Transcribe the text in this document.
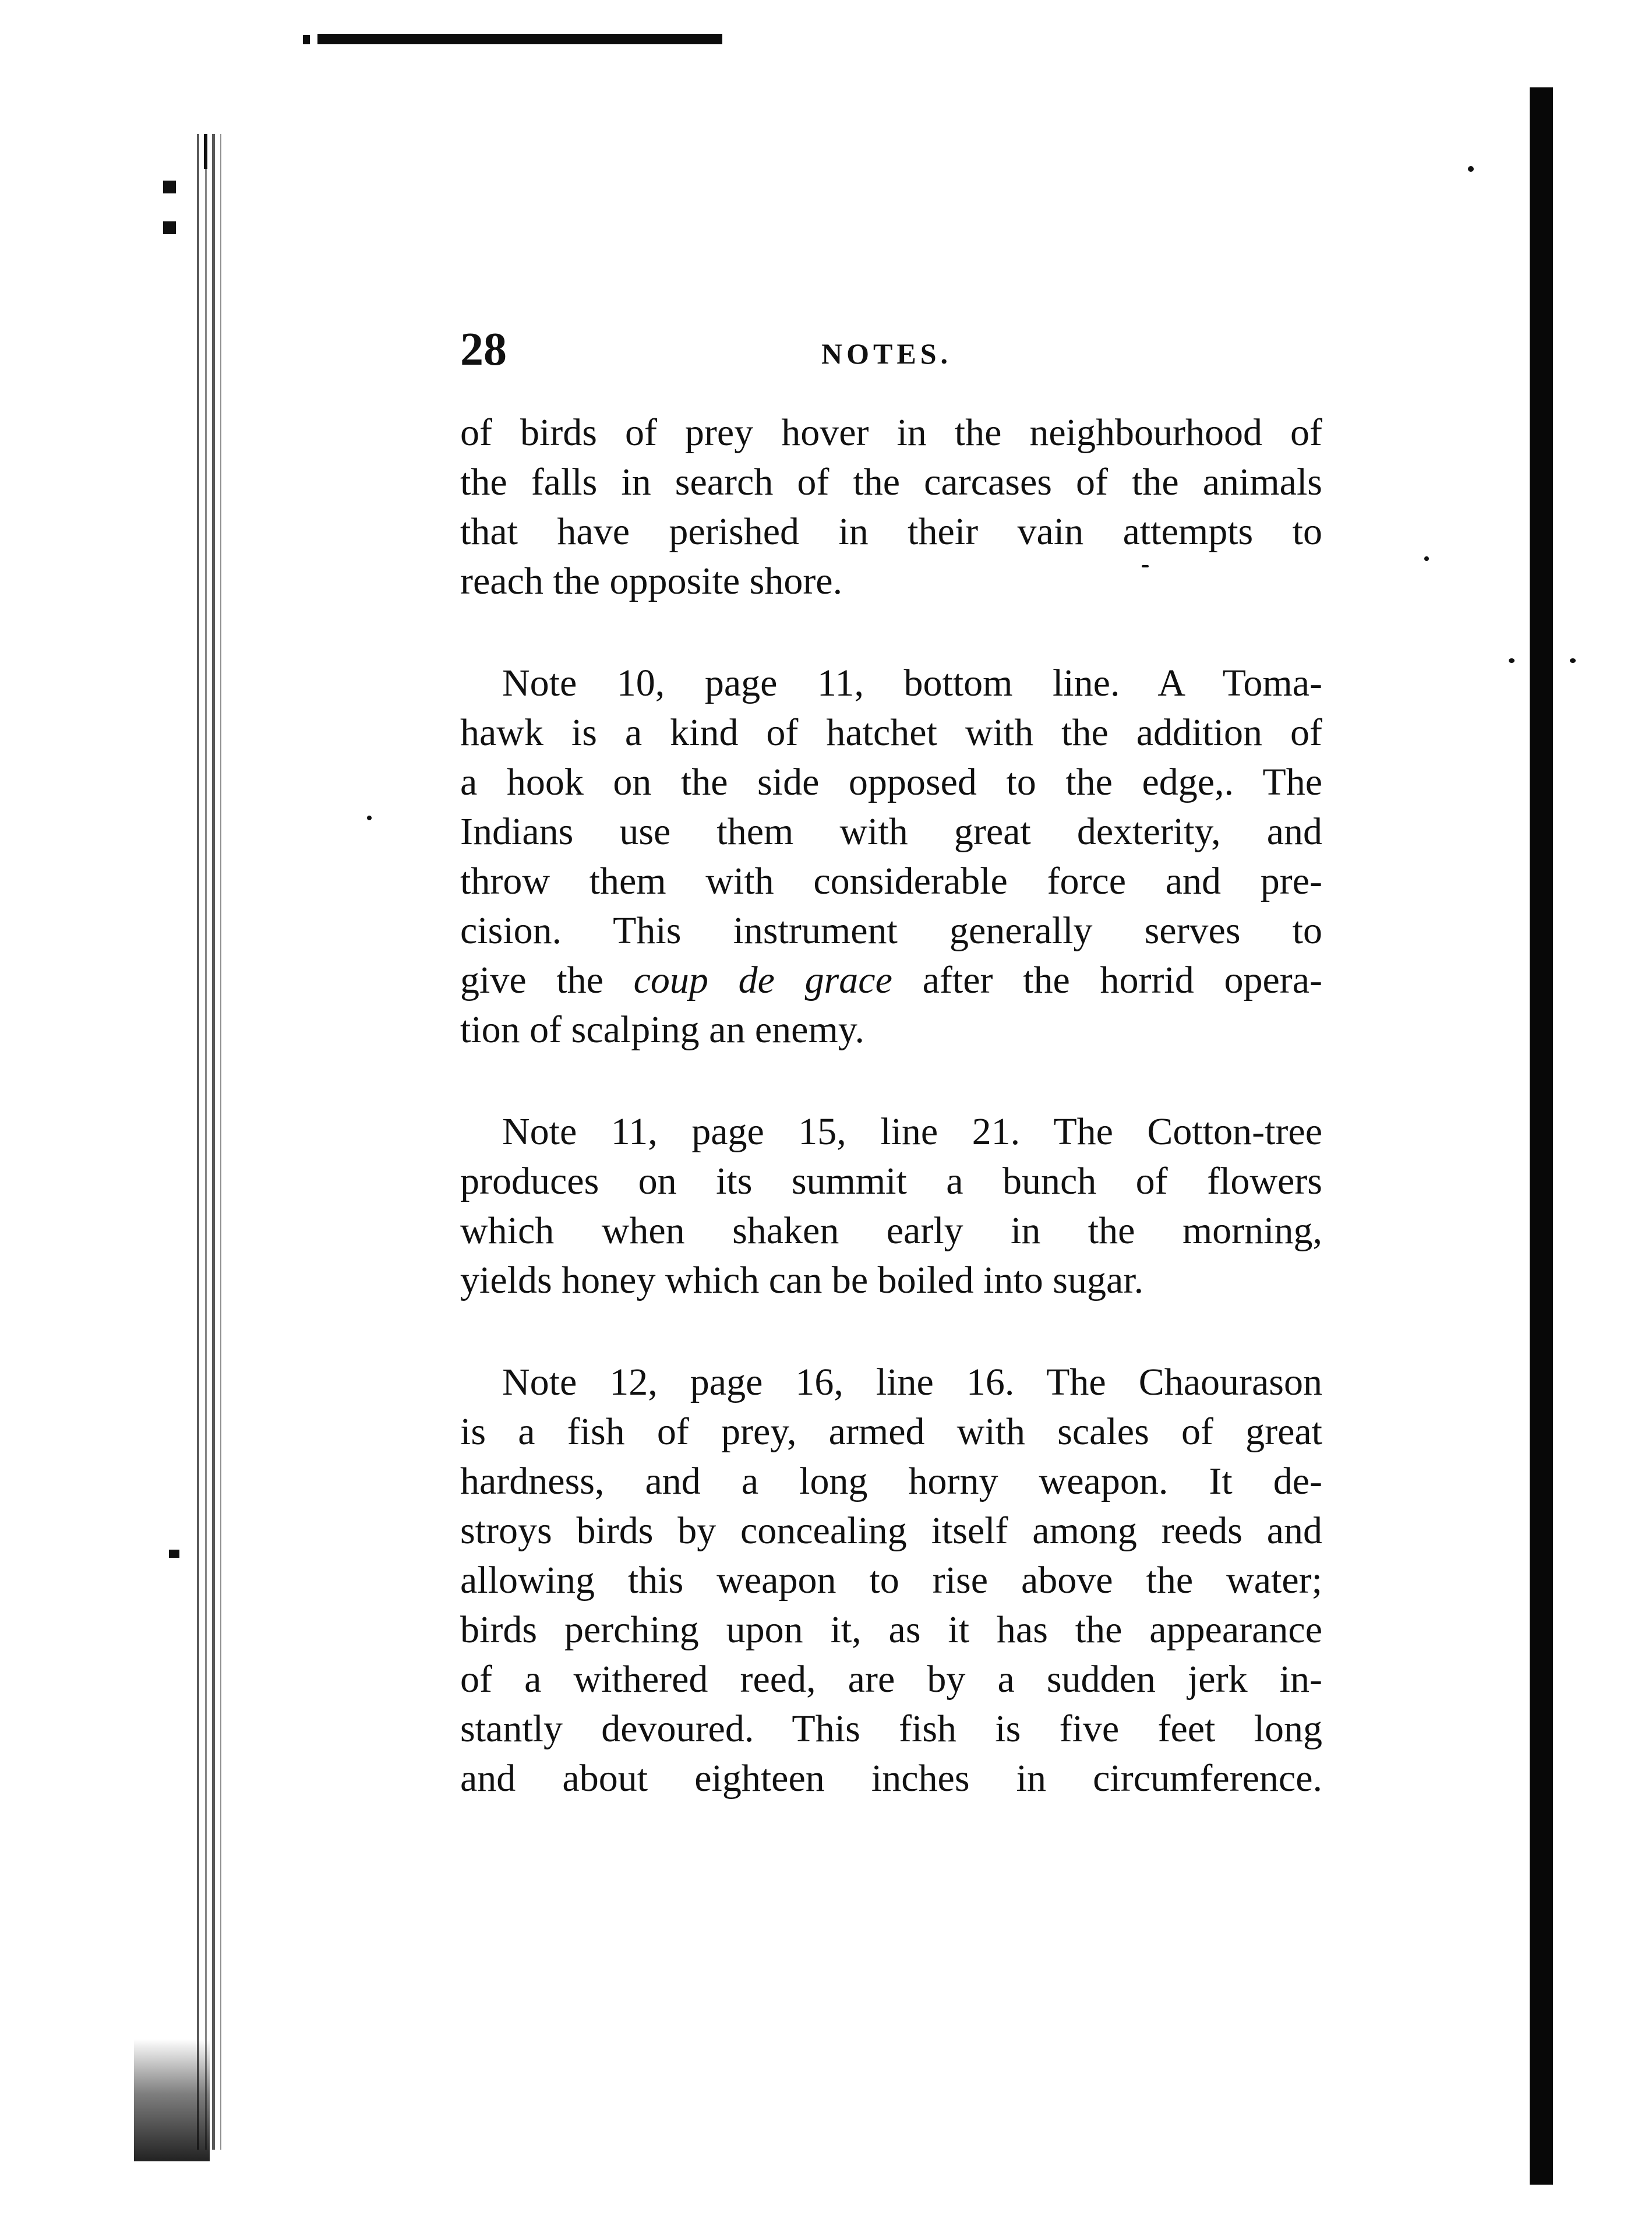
28	NOTES.
of birds of prey hover in the neighbourhood of
the falls in search of the carcases of the animals
that have perished in their vain attempts to
reach the opposite shore.
Note 10, page 11, bottom line. A Toma-
hawk is a kind of hatchet with the addition of
a hook on the side opposed to the edge,. The
Indians use them with great dexterity, and
throw them with considerable force and pre-
cision. This instrument generally serves to
give the coup de grace after the horrid opera-
tion of scalping an enemy.
Note 11, page 15, line 21. The Cotton-tree
produces on its summit a bunch of flowers
which when shaken early in the morning,
yields honey which can be boiled into sugar.
Note 12, page 16, line 16. The Chaourason
is a fish of prey, armed with scales of great
hardness, and a long horny weapon. It de-
stroys birds by concealing itself among reeds and
allowing this weapon to rise above the water;
birds perching upon it, as it has the appearance
of a withered reed, are by a sudden jerk in-
stantly devoured. This fish is five feet long
and about eighteen inches in circumference.
